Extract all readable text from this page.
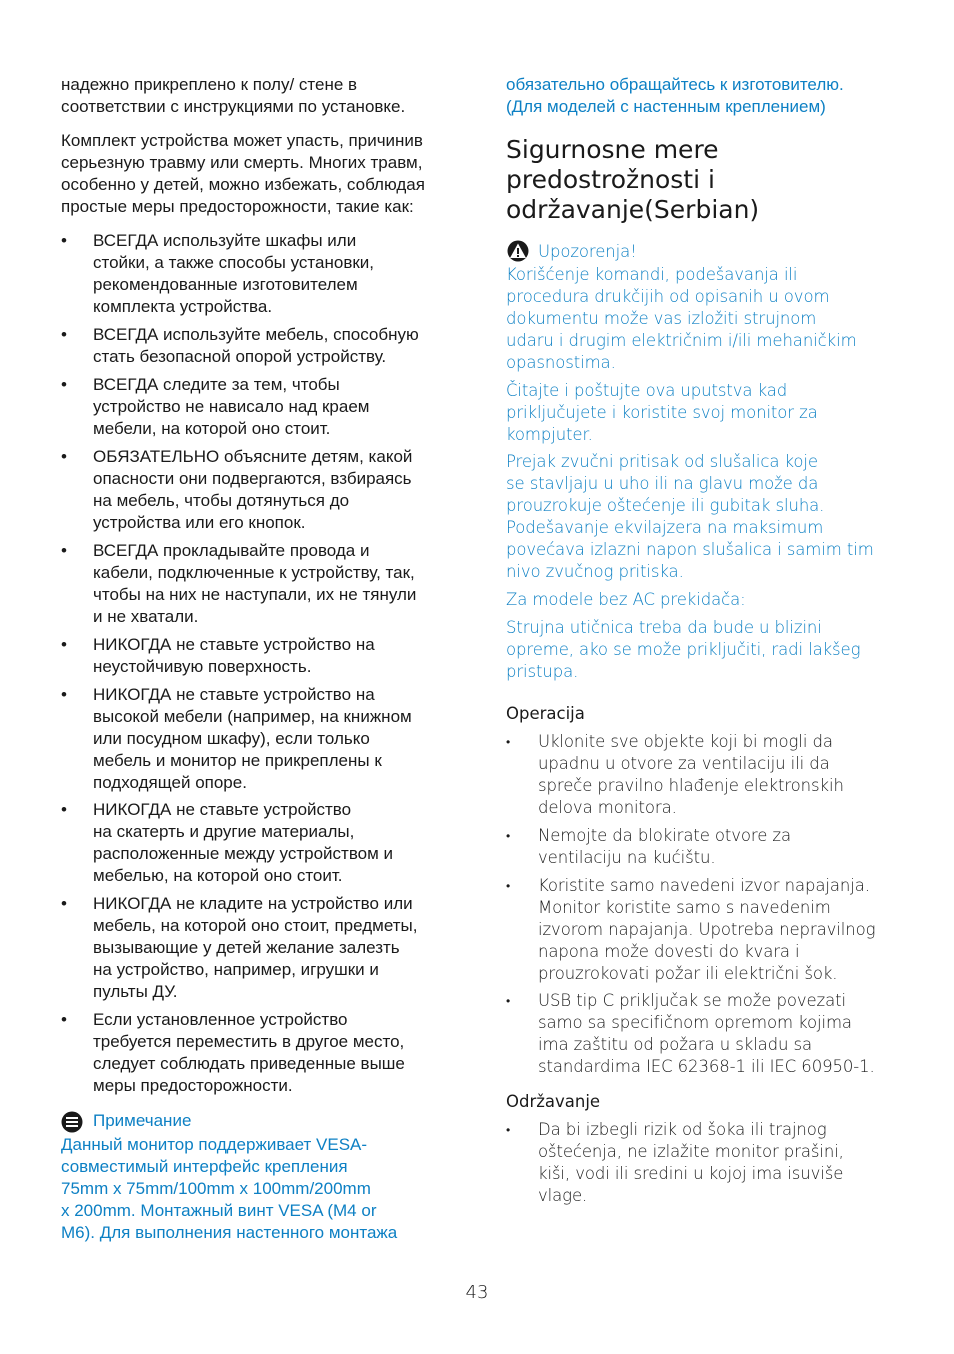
надежно прикреплено к полу/ стене в
соответствии с инструкциями по установке.
Комплект устройства может упасть, причинив
серьезную травму или смерть. Многих травм,
особенно у детей, можно избежать, соблюдая
простые меры предосторожности, такие как:
• ВСЕГДА используйте шкафы или
стойки, а также способы установки,
рекомендованные изготовителем
комплекта устройства.
• ВСЕГДА используйте мебель, способную
стать безопасной опорой устройству.
• ВСЕГДА следите за тем, чтобы
устройство не нависало над краем
мебели, на которой оно стоит.
• ОБЯЗАТЕЛЬНО объясните детям, какой
опасности они подвергаются, взбираясь
на мебель, чтобы дотянуться до
устройства или его кнопок.
• ВСЕГДА прокладывайте провода и
кабели, подключенные к устройству, так,
чтобы на них не наступали, их не тянули
и не хватали.
• НИКОГДА не ставьте устройство на
неустойчивую поверхность.
• НИКОГДА не ставьте устройство на
высокой мебели (например, на книжном
или посудном шкафу), если только
мебель и монитор не прикреплены к
подходящей опоре.
• НИКОГДА не ставьте устройство
на скатерть и другие материалы,
расположенные между устройством и
мебелью, на которой оно стоит.
• НИКОГДА не кладите на устройство или
мебель, на которой оно стоит, предметы,
вызывающие у детей желание залезть
на устройство, например, игрушки и
пульты ДУ.
• Если установленное устройство
требуется переместить в другое место,
следует соблюдать приведенные выше
меры предосторожности.
Примечание
Данный монитор поддерживает VESA-
совместимый интерфейс крепления
75mm x 75mm/100mm x 100mm/200mm
x 200mm. Монтажный винт VESA (M4 or
M6). Для выполнения настенного монтажа
обязательно обращайтесь к изготовителю.
(Для моделей с настенным креплением)
Sigurnosne mere
predostrožnosti i
održavanje(Serbian)
Upozorenja!
Korišćenje komandi, podešavanja ili
procedura drukčijih od opisanih u ovom
dokumentu može vas izložiti strujnom
udaru i drugim električnim i/ili mehaničkim
opasnostima.
Čitajte i poštujte ova uputstva kad
priključujete i koristite svoj monitor za
kompjuter.
Prejak zvučni pritisak od slušalica koje
se stavljaju u uho ili na glavu može da
prouzrokuje oštećenje ili gubitak sluha.
Podešavanje ekvilajzera na maksimum
povećava izlazni napon slušalica i samim tim
nivo zvučnog pritiska.
Za modele bez AC prekidača:
Strujna utičnica treba da bude u blizini
opreme, ako se može priključiti, radi lakšeg
pristupa.
Operacija
• Uklonite sve objekte koji bi mogli da
upadnu u otvore za ventilaciju ili da
spreče pravilno hlađenje elektronskih
delova monitora.
• Nemojte da blokirate otvore za
ventilaciju na kućištu.
• Koristite samo navedeni izvor napajanja.
Monitor koristite samo s navedenim
izvorom napajanja. Upotreba nepravilnog
napona može dovesti do kvara i
prouzrokovati požar ili električni šok.
• USB tip C priključak se može povezati
samo sa specifičnom opremom kojima
ima zaštitu od požara u skladu sa
standardima IEC 62368-1 ili IEC 60950-1.
Održavanje
• Da bi izbegli rizik od šoka ili trajnog
oštećenja, ne izlažite monitor prašini,
kiši, vodi ili sredini u kojoj ima isuviše
vlage.
43
